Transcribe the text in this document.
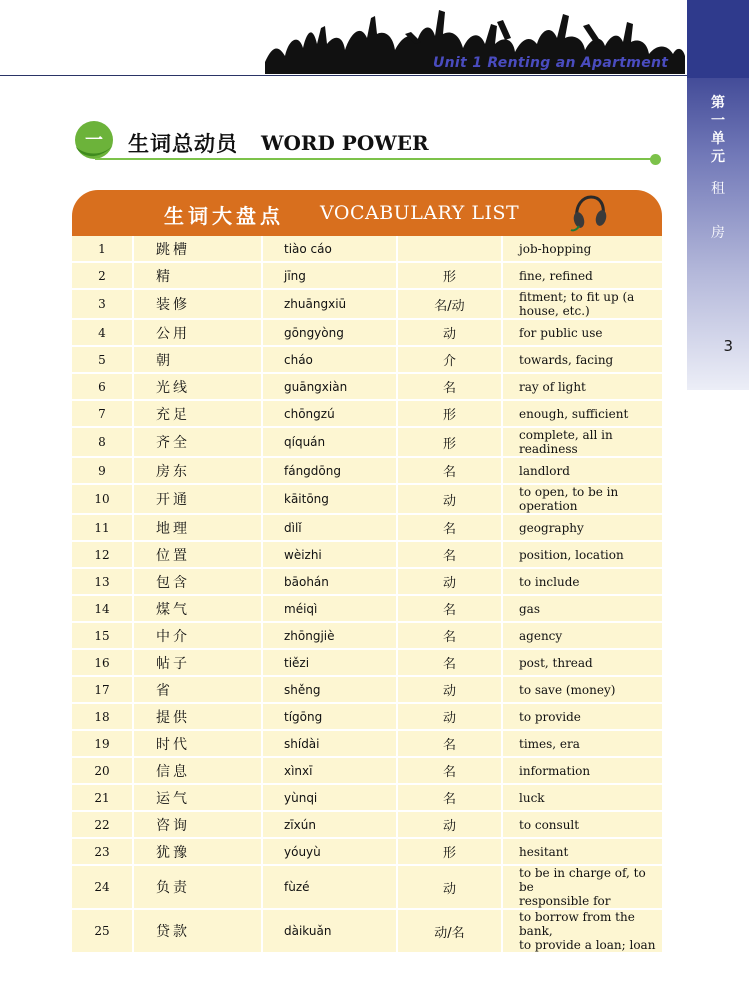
Unit 1 Renting an Apartment
第
一
单
元
租
房
3
一 生词总动员 WORD POWER
生词大盘点 VOCABULARY LIST
1	跳槽	tiào cáo		job-hopping

2	精	jīng	形	fine, refined

3	装修	zhuāngxiū	名/动	fitment; to fit up (a house, etc.)

4	公用	gōngyòng	动	for public use

5	朝	cháo	介	towards, facing

6	光线	guāngxiàn	名	ray of light

7	充足	chōngzú	形	enough, sufficient

8	齐全	qíquán	形	complete, all in readiness

9	房东	fángdōng	名	landlord

10	开通	kāitōng	动	to open, to be in operation

11	地理	dìlǐ	名	geography

12	位置	wèizhi	名	position, location

13	包含	bāohán	动	to include

14	煤气	méiqì	名	gas

15	中介	zhōngjiè	名	agency

16	帖子	tiězi	名	post, thread

17	省	shěng	动	to save (money)

18	提供	tígōng	动	to provide

19	时代	shídài	名	times, era

20	信息	xìnxī	名	information

21	运气	yùnqi	名	luck

22	咨询	zīxún	动	to consult

23	犹豫	yóuyù	形	hesitant

24	负责	fùzé	动	to be in charge of, to be
responsible for

25	贷款	dàikuǎn	动/名	to borrow from the bank,
to provide a loan; loan
